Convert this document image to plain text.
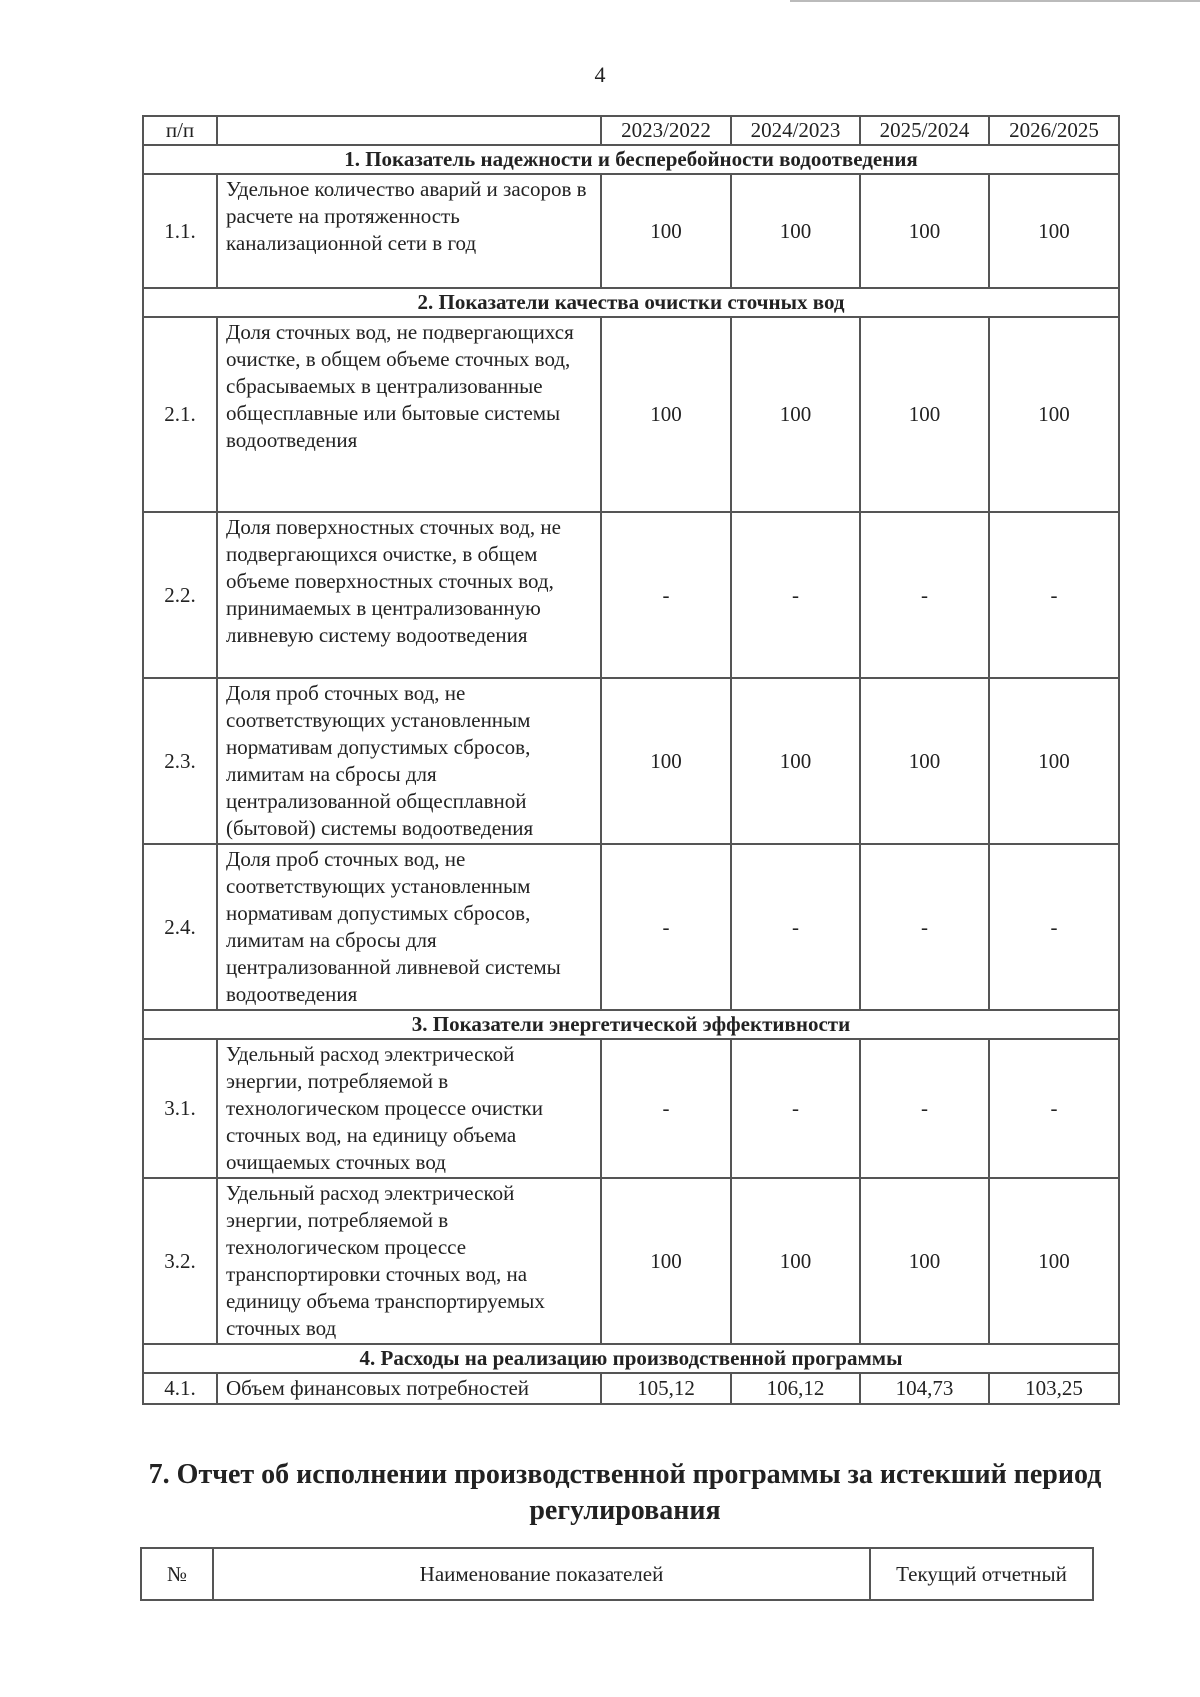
4
п/п		2023/2022	2024/2023	2025/2024	2026/2025
1. Показатель надежности и бесперебойности водоотведения					
1.1.	Удельное количество аварий и засоров в расчете на протяженность канализационной сети в год	100	100	100	100
2. Показатели качества очистки сточных вод					
2.1.	Доля сточных вод, не подвергающихся очистке, в общем объеме сточных вод, сбрасываемых в централизованные общесплавные или бытовые системы водоотведения	100	100	100	100
2.2.	Доля поверхностных сточных вод, не подвергающихся очистке, в общем объеме поверхностных сточных вод, принимаемых в централизованную ливневую систему водоотведения	-	-	-	-
2.3.	Доля проб сточных вод, не соответствующих установленным нормативам допустимых сбросов, лимитам на сбросы для централизованной общесплавной (бытовой) системы водоотведения	100	100	100	100
2.4.	Доля проб сточных вод, не соответствующих установленным нормативам допустимых сбросов, лимитам на сбросы для централизованной ливневой системы водоотведения	-	-	-	-
3. Показатели энергетической эффективности					
3.1.	Удельный расход электрической энергии, потребляемой в технологическом процессе очистки сточных вод, на единицу объема очищаемых сточных вод	-	-	-	-
3.2.	Удельный расход электрической энергии, потребляемой в технологическом процессе транспортировки сточных вод, на единицу объема транспортируемых сточных вод	100	100	100	100
4. Расходы на реализацию производственной программы					
4.1.	Объем финансовых потребностей	105,12	106,12	104,73	103,25
7. Отчет об исполнении производственной программы за истекший период регулирования
№	Наименование показателей	Текущий отчетный
